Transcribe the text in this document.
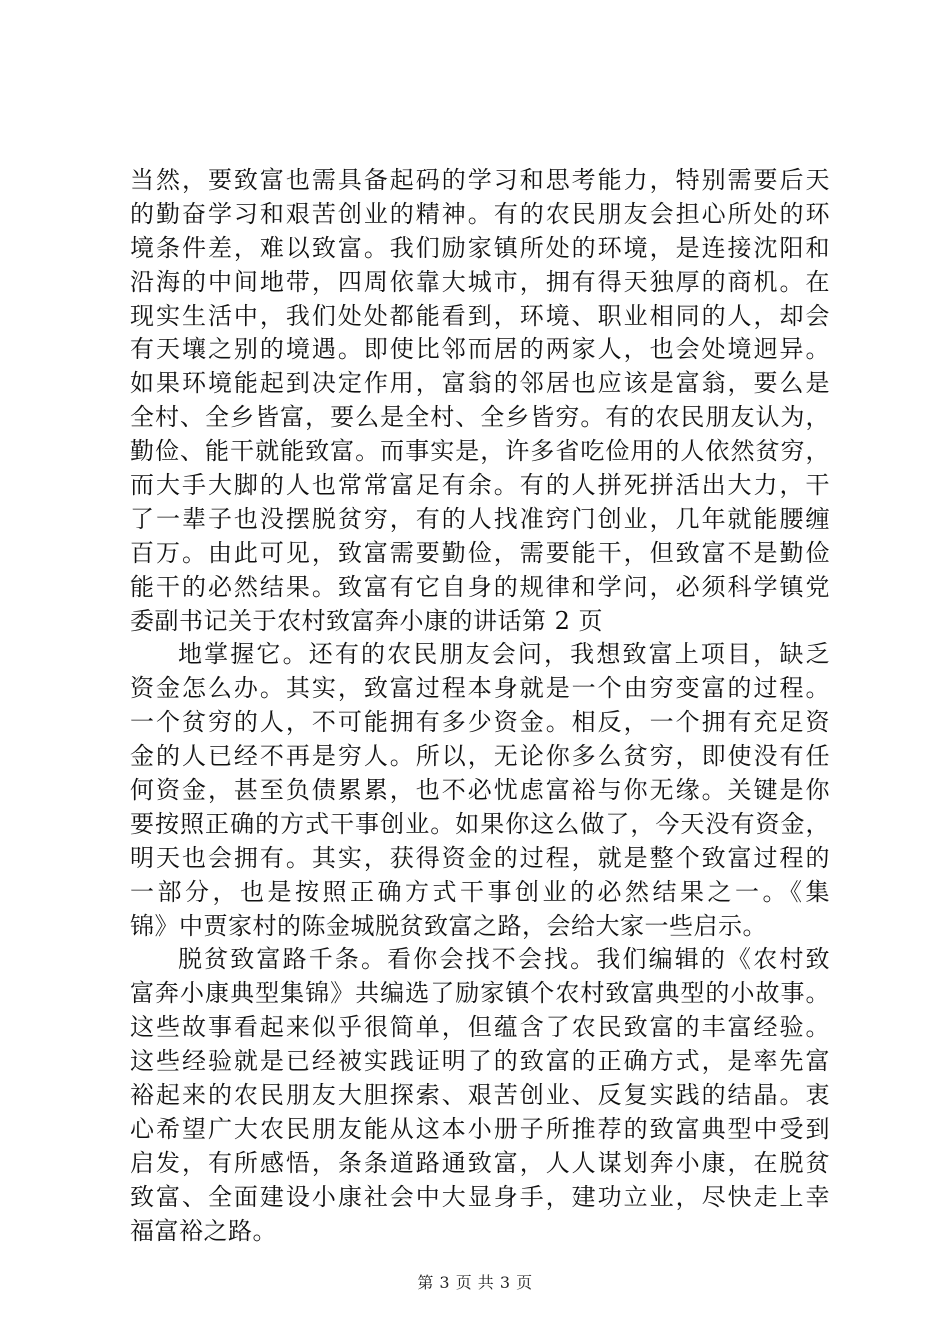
当然，要致富也需具备起码的学习和思考能力，特别需要后天
的勤奋学习和艰苦创业的精神。有的农民朋友会担心所处的环
境条件差，难以致富。我们励家镇所处的环境，是连接沈阳和
沿海的中间地带，四周依靠大城市，拥有得天独厚的商机。在
现实生活中，我们处处都能看到，环境、职业相同的人，却会
有天壤之别的境遇。即使比邻而居的两家人，也会处境迥异。
如果环境能起到决定作用，富翁的邻居也应该是富翁，要么是
全村、全乡皆富，要么是全村、全乡皆穷。有的农民朋友认为，
勤俭、能干就能致富。而事实是，许多省吃俭用的人依然贫穷，
而大手大脚的人也常常富足有余。有的人拼死拼活出大力，干
了一辈子也没摆脱贫穷，有的人找准窍门创业，几年就能腰缠
百万。由此可见，致富需要勤俭，需要能干，但致富不是勤俭
能干的必然结果。致富有它自身的规律和学问，必须科学镇党
委副书记关于农村致富奔小康的讲话第 2 页
地掌握它。还有的农民朋友会问，我想致富上项目，缺乏
资金怎么办。其实，致富过程本身就是一个由穷变富的过程。
一个贫穷的人，不可能拥有多少资金。相反，一个拥有充足资
金的人已经不再是穷人。所以，无论你多么贫穷，即使没有任
何资金，甚至负债累累，也不必忧虑富裕与你无缘。关键是你
要按照正确的方式干事创业。如果你这么做了，今天没有资金，
明天也会拥有。其实，获得资金的过程，就是整个致富过程的
一部分，也是按照正确方式干事创业的必然结果之一。《集
锦》中贾家村的陈金城脱贫致富之路，会给大家一些启示。
脱贫致富路千条。看你会找不会找。我们编辑的《农村致
富奔小康典型集锦》共编选了励家镇个农村致富典型的小故事。
这些故事看起来似乎很简单，但蕴含了农民致富的丰富经验。
这些经验就是已经被实践证明了的致富的正确方式，是率先富
裕起来的农民朋友大胆探索、艰苦创业、反复实践的结晶。衷
心希望广大农民朋友能从这本小册子所推荐的致富典型中受到
启发，有所感悟，条条道路通致富，人人谋划奔小康，在脱贫
致富、全面建设小康社会中大显身手，建功立业，尽快走上幸
福富裕之路。
第 3 页 共 3 页
